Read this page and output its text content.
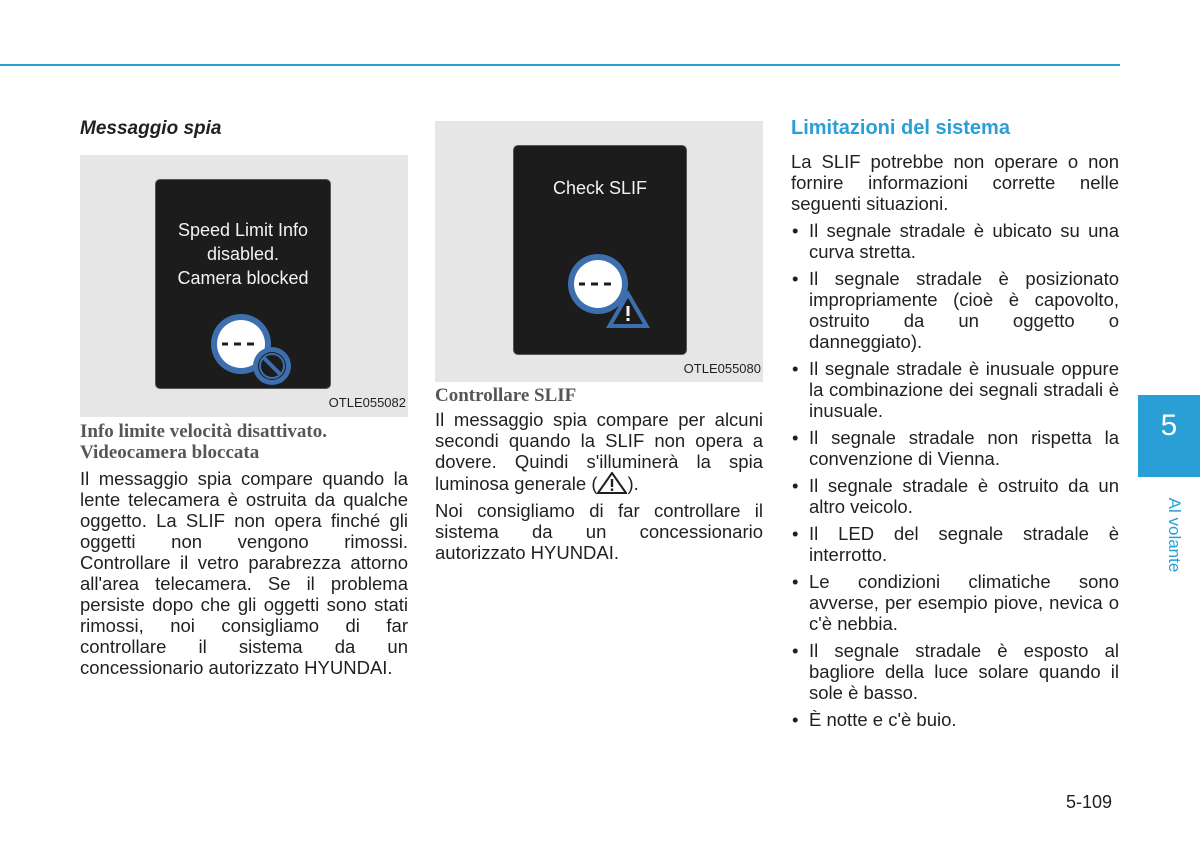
Messaggio spia
Speed Limit Info
disabled.
Camera blocked
OTLE055082
Info limite velocità disattivato.
Videocamera bloccata

Il messaggio spia compare quando la lente telecamera è ostruita da qualche oggetto. La SLIF non opera finché gli oggetti non vengono rimossi. Controllare il vetro parabrezza attorno all'area telecamera. Se il problema persiste dopo che gli oggetti sono stati rimossi, noi consigliamo di far controllare il sistema da un concessionario autorizzato HYUNDAI.

Check SLIF
OTLE055080
Controllare SLIF

Il messaggio spia compare per alcuni secondi quando la SLIF non opera a dovere. Quindi s'illuminerà la spia luminosa generale ( ).

Noi consigliamo di far controllare il sistema da un concessionario autorizzato HYUNDAI.

Limitazioni del sistema

La SLIF potrebbe non operare o non fornire informazioni corrette nelle seguenti situazioni.

• Il segnale stradale è ubicato su una curva stretta.
• Il segnale stradale è posizionato impropriamente (cioè è capovolto, ostruito da un oggetto o danneggiato).
• Il segnale stradale è inusuale oppure la combinazione dei segnali stradali è inusuale.
• Il segnale stradale non rispetta la convenzione di Vienna.
• Il segnale stradale è ostruito da un altro veicolo.
• Il LED del segnale stradale è interrotto.
• Le condizioni climatiche sono avverse, per esempio piove, nevica o c'è nebbia.
• Il segnale stradale è esposto al bagliore della luce solare quando il sole è basso.
• È notte e c'è buio.
5
Al volante
5-109
